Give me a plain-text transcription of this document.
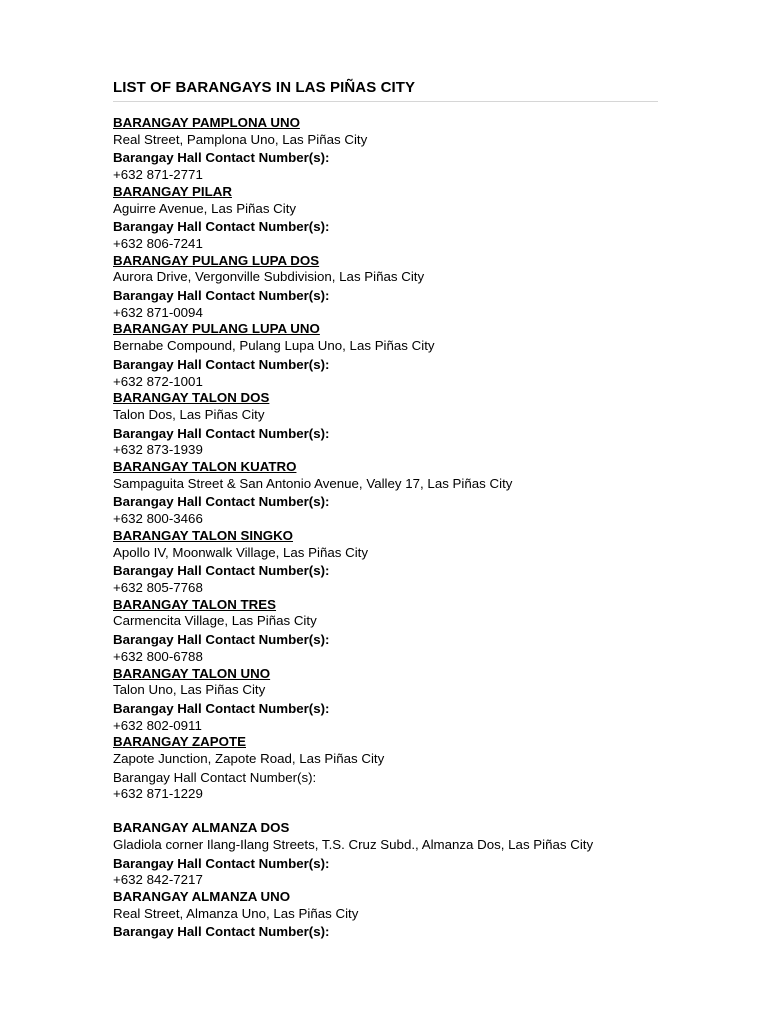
LIST OF BARANGAYS IN LAS PIÑAS CITY
BARANGAY PAMPLONA UNO
Real Street, Pamplona Uno, Las Piñas City
Barangay Hall Contact Number(s):
+632 871-2771
BARANGAY PILAR
Aguirre Avenue, Las Piñas City
Barangay Hall Contact Number(s):
+632 806-7241
BARANGAY PULANG LUPA DOS
Aurora Drive, Vergonville Subdivision, Las Piñas City
Barangay Hall Contact Number(s):
+632 871-0094
BARANGAY PULANG LUPA UNO
Bernabe Compound, Pulang Lupa Uno, Las Piñas City
Barangay Hall Contact Number(s):
+632 872-1001
BARANGAY TALON DOS
Talon Dos, Las Piñas City
Barangay Hall Contact Number(s):
+632 873-1939
BARANGAY TALON KUATRO
Sampaguita Street & San Antonio Avenue, Valley 17, Las Piñas City
Barangay Hall Contact Number(s):
+632 800-3466
BARANGAY TALON SINGKO
Apollo IV, Moonwalk Village, Las Piñas City
Barangay Hall Contact Number(s):
+632 805-7768
BARANGAY TALON TRES
Carmencita Village, Las Piñas City
Barangay Hall Contact Number(s):
+632 800-6788
BARANGAY TALON UNO
Talon Uno, Las Piñas City
Barangay Hall Contact Number(s):
+632 802-0911
BARANGAY ZAPOTE
Zapote Junction, Zapote Road, Las Piñas City
Barangay Hall Contact Number(s):
+632 871-1229
BARANGAY ALMANZA DOS
Gladiola corner Ilang-Ilang Streets, T.S. Cruz Subd., Almanza Dos, Las Piñas City
Barangay Hall Contact Number(s):
+632 842-7217
BARANGAY ALMANZA UNO
Real Street, Almanza Uno, Las Piñas City
Barangay Hall Contact Number(s):
